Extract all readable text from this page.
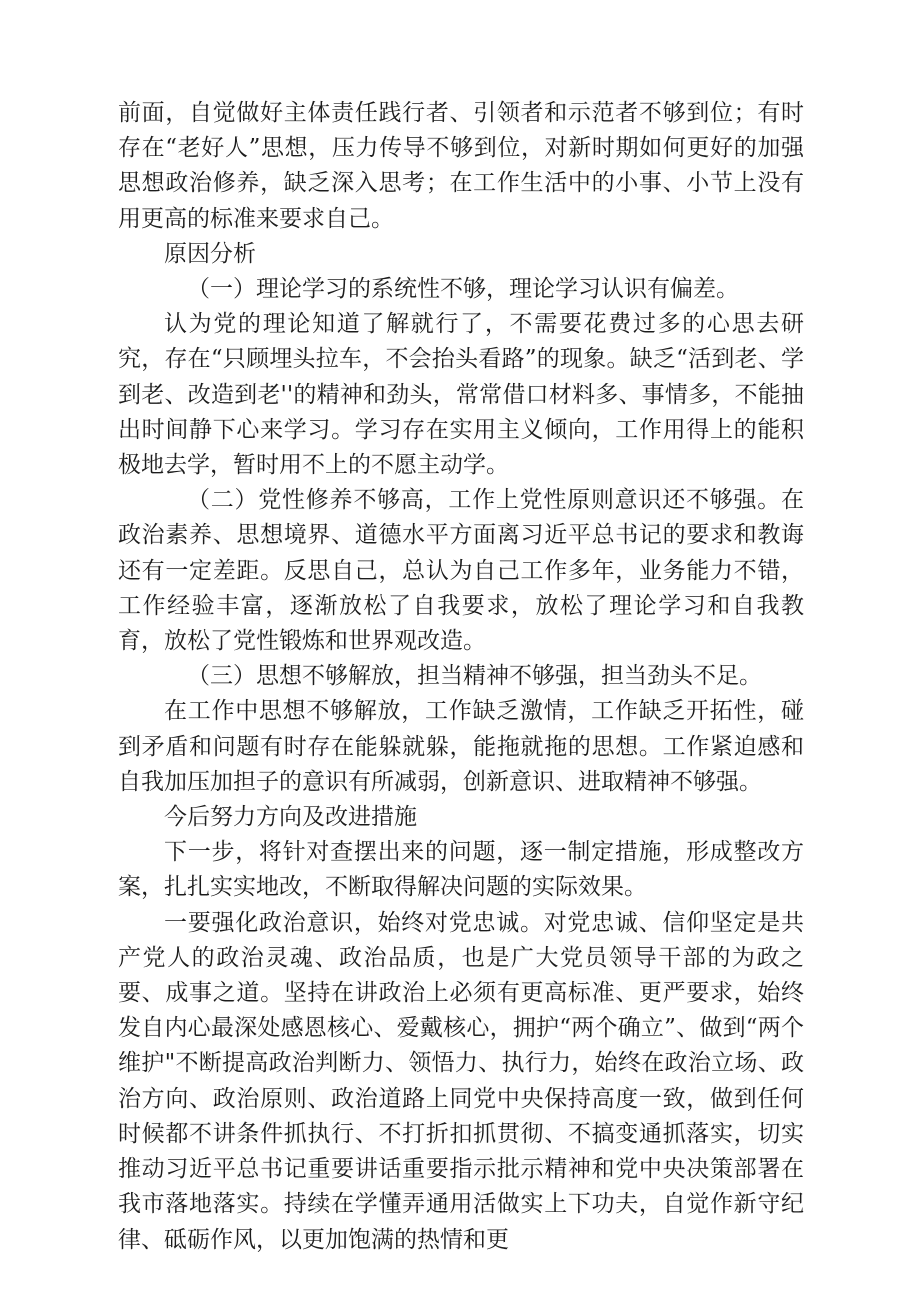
前面，自觉做好主体责任践行者、引领者和示范者不够到位；有时存在“老好人”思想，压力传导不够到位，对新时期如何更好的加强思想政治修养，缺乏深入思考；在工作生活中的小事、小节上没有用更高的标准来要求自己。

原因分析

（一）理论学习的系统性不够，理论学习认识有偏差。

认为党的理论知道了解就行了，不需要花费过多的心思去研究，存在“只顾埋头拉车，不会抬头看路”的现象。缺乏“活到老、学到老、改造到老''的精神和劲头，常常借口材料多、事情多，不能抽出时间静下心来学习。学习存在实用主义倾向，工作用得上的能积极地去学，暂时用不上的不愿主动学。

（二）党性修养不够高，工作上党性原则意识还不够强。在政治素养、思想境界、道德水平方面离习近平总书记的要求和教诲还有一定差距。反思自己，总认为自己工作多年，业务能力不错，工作经验丰富，逐渐放松了自我要求，放松了理论学习和自我教育，放松了党性锻炼和世界观改造。

（三）思想不够解放，担当精神不够强，担当劲头不足。

在工作中思想不够解放，工作缺乏激情，工作缺乏开拓性，碰到矛盾和问题有时存在能躲就躲，能拖就拖的思想。工作紧迫感和自我加压加担子的意识有所减弱，创新意识、进取精神不够强。

今后努力方向及改进措施

下一步，将针对查摆出来的问题，逐一制定措施，形成整改方案，扎扎实实地改，不断取得解决问题的实际效果。

一要强化政治意识，始终对党忠诚。对党忠诚、信仰坚定是共产党人的政治灵魂、政治品质，也是广大党员领导干部的为政之要、成事之道。坚持在讲政治上必须有更高标准、更严要求，始终发自内心最深处感恩核心、爱戴核心，拥护“两个确立”、做到“两个维护"不断提高政治判断力、领悟力、执行力，始终在政治立场、政治方向、政治原则、政治道路上同党中央保持高度一致，做到任何时候都不讲条件抓执行、不打折扣抓贯彻、不搞变通抓落实，切实推动习近平总书记重要讲话重要指示批示精神和党中央决策部署在我市落地落实。持续在学懂弄通用活做实上下功夫，自觉作新守纪律、砥砺作风，以更加饱满的热情和更
